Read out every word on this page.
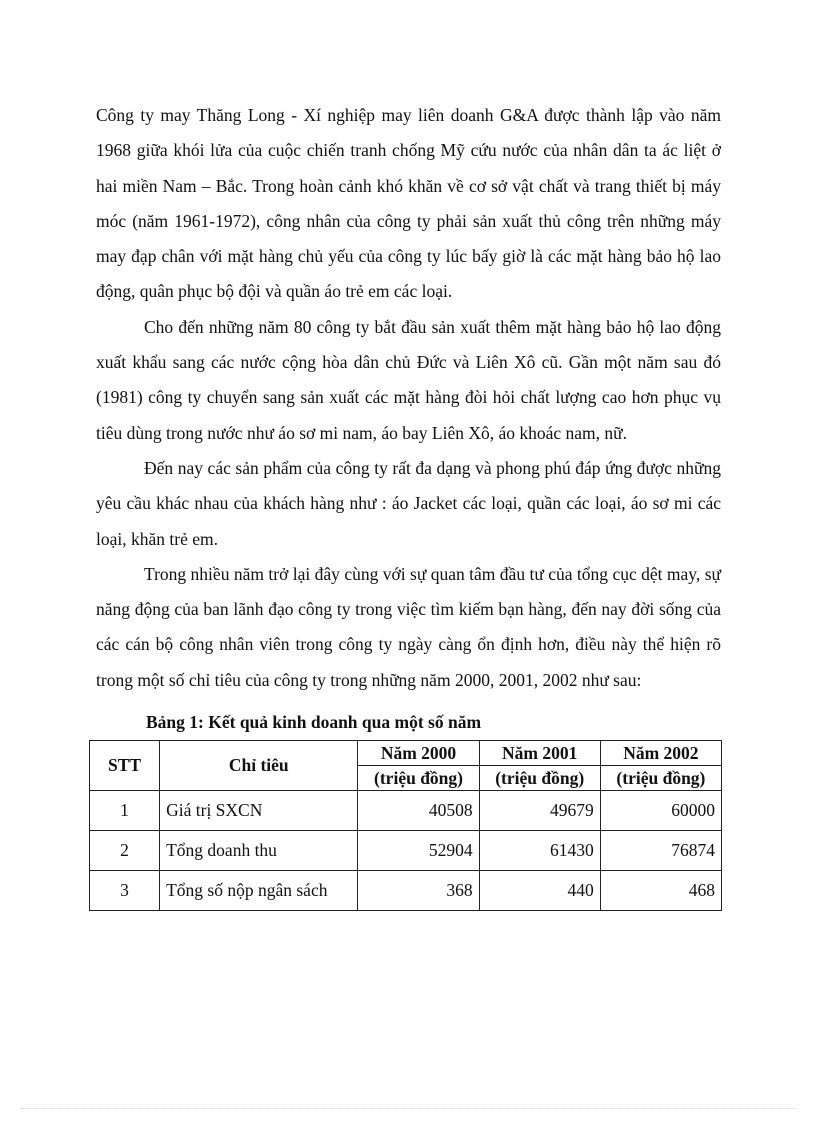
Công ty may Thăng Long - Xí nghiệp may liên doanh G&A được thành lập vào năm 1968 giữa khói lửa của cuộc chiến tranh chống Mỹ cứu nước của nhân dân ta ác liệt ở hai miền Nam – Bắc. Trong hoàn cảnh khó khăn về cơ sở vật chất và trang thiết bị máy móc (năm 1961-1972), công nhân của công ty phải sản xuất thủ công trên những máy may đạp chân với mặt hàng chủ yếu của công ty lúc bấy giờ là các mặt hàng bảo hộ lao động, quân phục bộ đội và quần áo trẻ em các loại.

Cho đến những năm 80 công ty bắt đầu sản xuất thêm mặt hàng bảo hộ lao động xuất khẩu sang các nước cộng hòa dân chủ Đức và Liên Xô cũ. Gần một năm sau đó (1981) công ty chuyển sang sản xuất các mặt hàng đòi hỏi chất lượng cao hơn phục vụ tiêu dùng trong nước như áo sơ mi nam, áo bay Liên Xô, áo khoác nam, nữ.

Đến nay các sản phẩm của công ty rất đa dạng và phong phú đáp ứng được những yêu cầu khác nhau của khách hàng như : áo Jacket các loại, quần các loại, áo sơ mi các loại, khăn trẻ em.

Trong nhiều năm trở lại đây cùng với sự quan tâm đầu tư của tổng cục dệt may, sự năng động của ban lãnh đạo công ty trong việc tìm kiếm bạn hàng, đến nay đời sống của các cán bộ công nhân viên trong công ty ngày càng ổn định hơn, điều này thể hiện rõ trong một số chỉ tiêu của công ty trong những năm 2000, 2001, 2002 như sau:

Bảng 1: Kết quả kinh doanh qua một số năm
STT	Chỉ tiêu	Năm 2000	Năm 2001	Năm 2002
		(triệu đồng)	(triệu đồng)	(triệu đồng)
1	Giá trị SXCN	40508	49679	60000
2	Tổng doanh thu	52904	61430	76874
3	Tổng số nộp ngân sách	368	440	468
